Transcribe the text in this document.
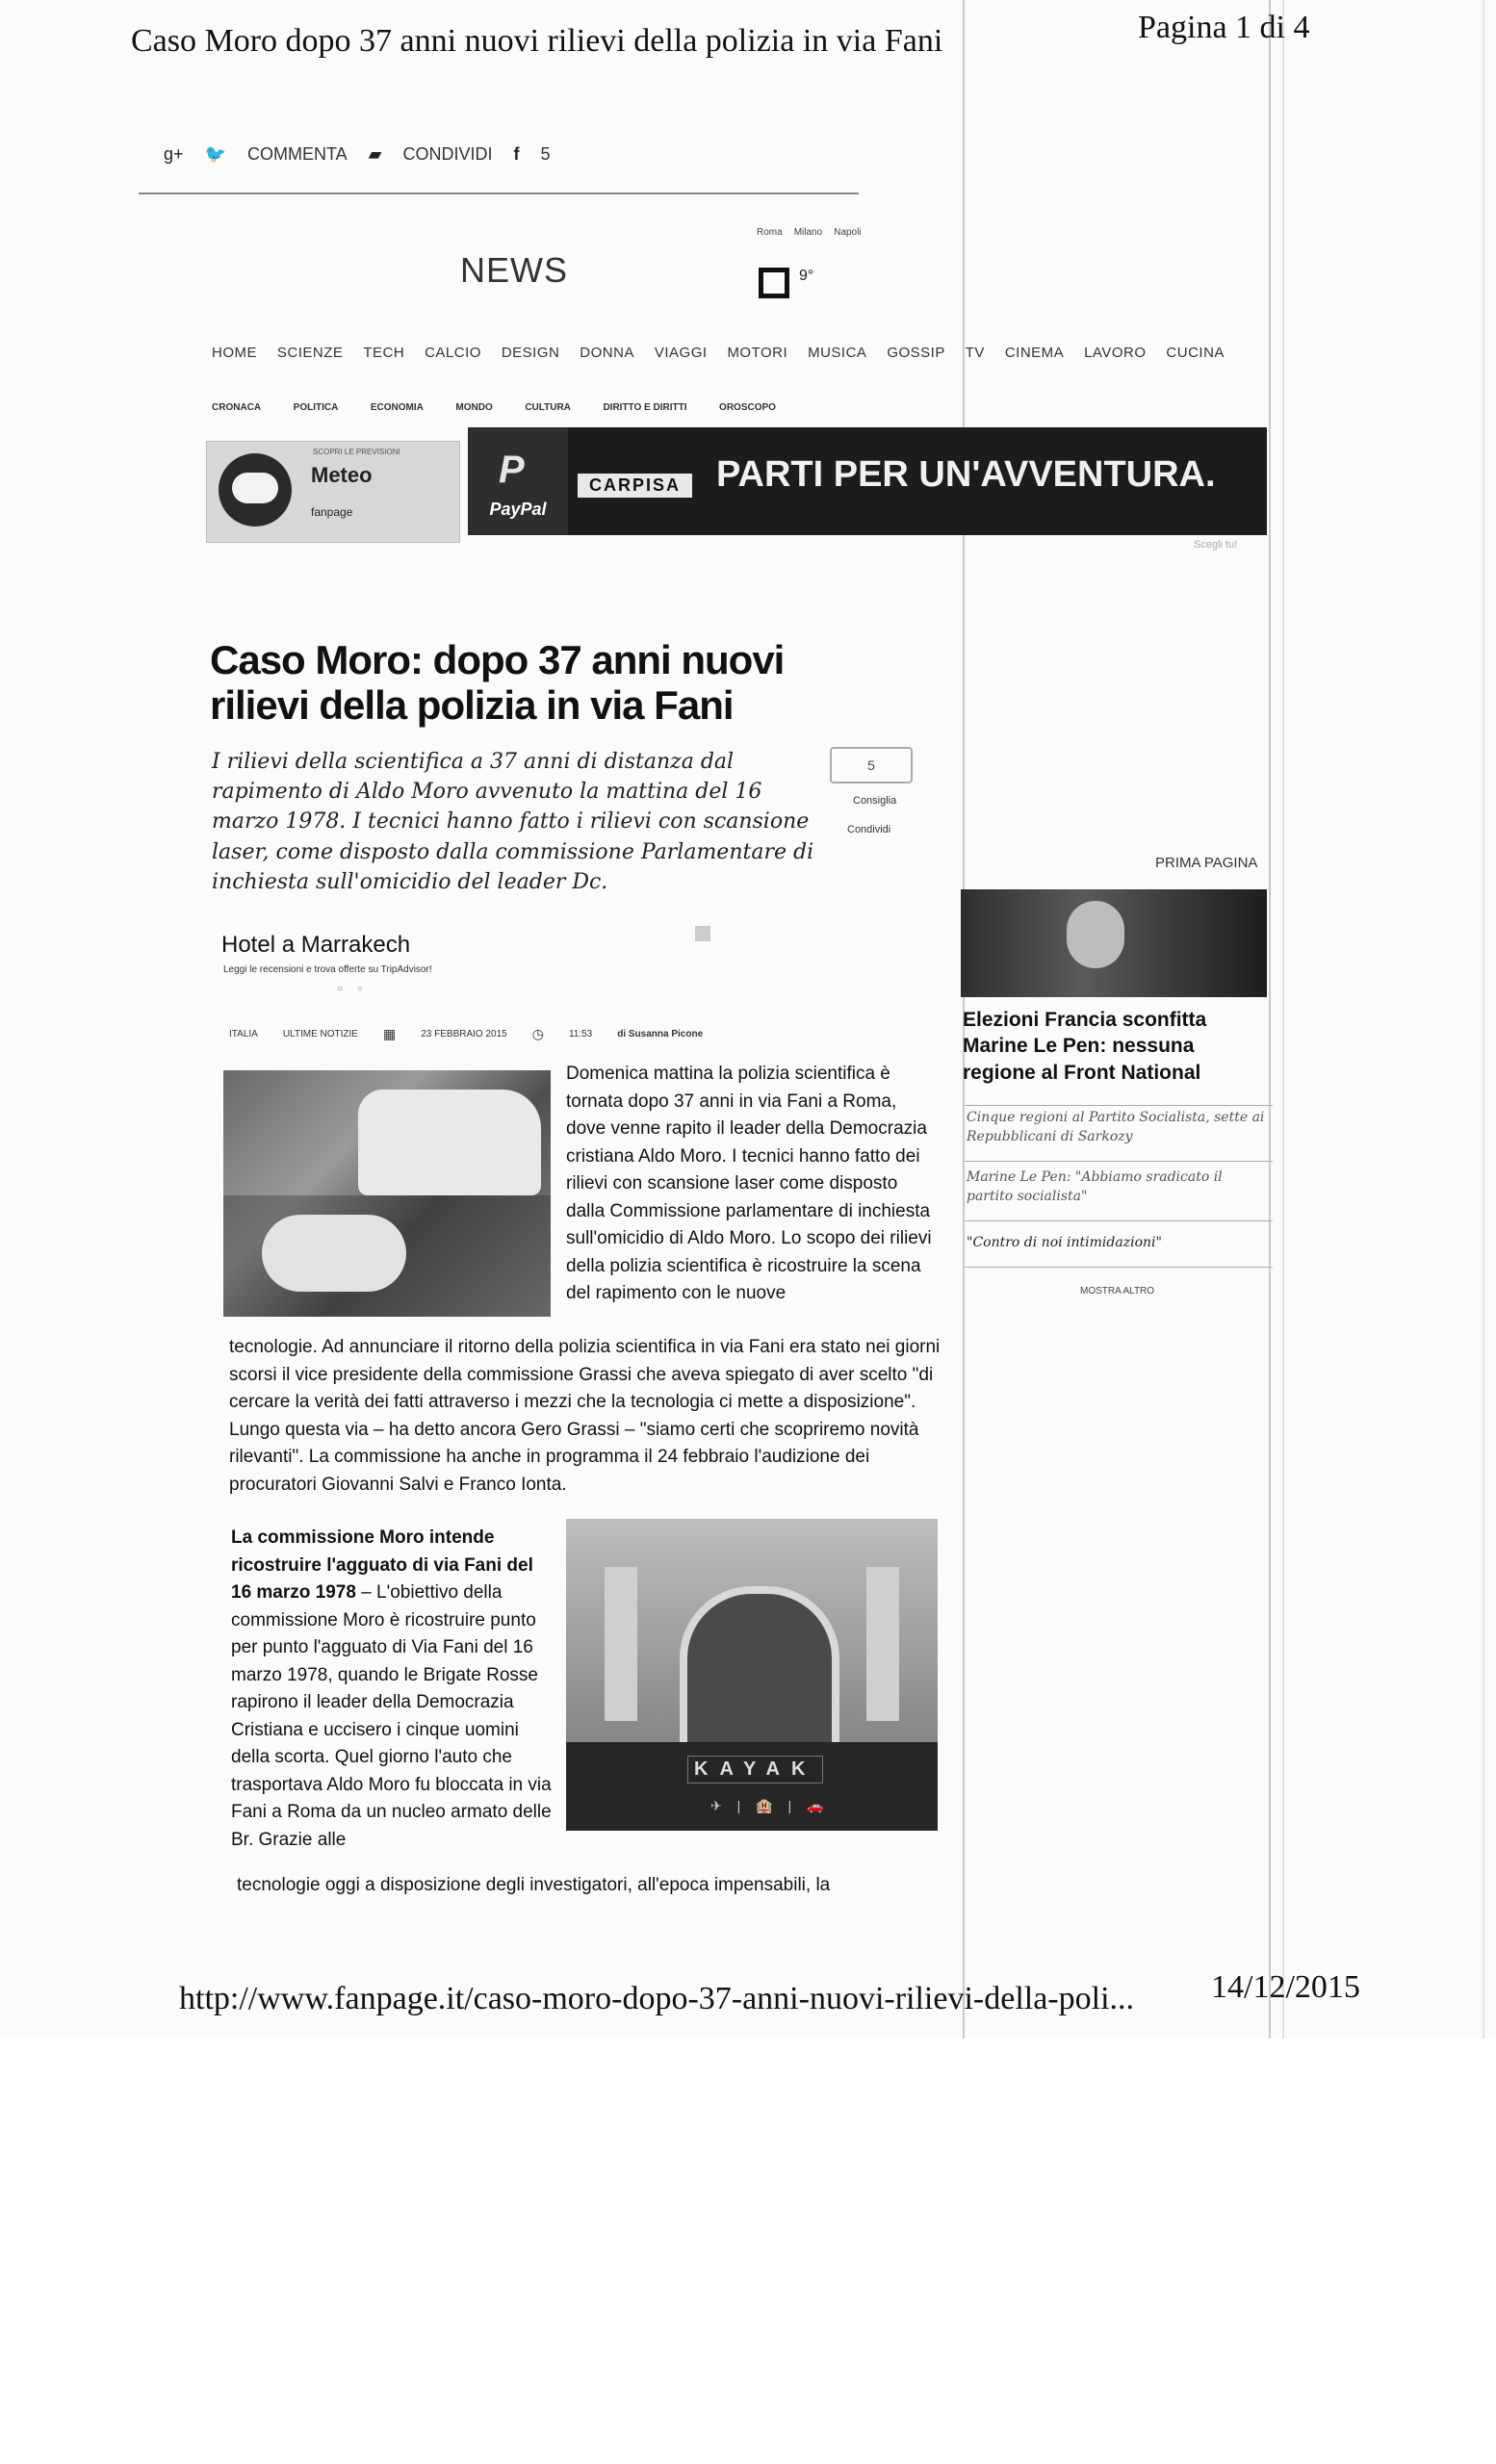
Caso Moro dopo 37 anni nuovi rilievi della polizia in via Fani	Pagina 1 di 4
http://www.fanpage.it/caso-moro-dopo-37-anni-nuovi-rilievi-della-poli... 14/12/2015
g+ 🐦 COMMENTA ▰ CONDIVIDI f 5
Roma Milano Napoli
NEWS	9°
HOME SCIENZE TECH CALCIO DESIGN DONNA VIAGGI MOTORI MUSICA GOSSIP TV CINEMA LAVORO CUCINA
CRONACA	POLITICA	ECONOMIA	MONDO	CULTURA	DIRITTO E DIRITTI	OROSCOPO
SCOPRI LE PREVISIONI
Meteo
fanpage	PayPal
P	CARPISA PARTI PER UN'AVVENTURA.
Scegli tu!
Caso Moro: dopo 37 anni nuovi rilievi della polizia in via Fani

I rilievi della scientifica a 37 anni di distanza dal rapimento di Aldo Moro avvenuto la mattina del 16 marzo 1978. I tecnici hanno fatto i rilievi con scansione laser, come disposto dalla commissione Parlamentare di inchiesta sull'omicidio del leader Dc.

5
Consiglia
Condividi
Hotel a Marrakech
Leggi le recensioni e trova offerte su TripAdvisor!
○ ○
ITALIA	ULTIME NOTIZIE ▦	23 FEBBRAIO 2015 ◷	11:53	di Susanna Picone

Domenica mattina la polizia scientifica è tornata dopo 37 anni in via Fani a Roma, dove venne rapito il leader della Democrazia cristiana Aldo Moro. I tecnici hanno fatto dei rilievi con scansione laser come disposto dalla Commissione parlamentare di inchiesta sull'omicidio di Aldo Moro. Lo scopo dei rilievi della polizia scientifica è ricostruire la scena del rapimento con le nuove

tecnologie. Ad annunciare il ritorno della polizia scientifica in via Fani era stato nei giorni scorsi il vice presidente della commissione Grassi che aveva spiegato di aver scelto "di cercare la verità dei fatti attraverso i mezzi che la tecnologia ci mette a disposizione". Lungo questa via – ha detto ancora Gero Grassi – "siamo certi che scopriremo novità rilevanti". La commissione ha anche in programma il 24 febbraio l'audizione dei procuratori Giovanni Salvi e Franco Ionta.

La commissione Moro intende ricostruire l'agguato di via Fani del 16 marzo 1978 – L'obiettivo della commissione Moro è ricostruire punto per punto l'agguato di Via Fani del 16 marzo 1978, quando le Brigate Rosse rapirono il leader della Democrazia Cristiana e uccisero i cinque uomini della scorta. Quel giorno l'auto che trasportava Aldo Moro fu bloccata in via Fani a Roma da un nucleo armato delle Br. Grazie alle

tecnologie oggi a disposizione degli investigatori, all'epoca impensabili, la

KAYAK
✈ | 🏨 | 🚗
PRIMA PAGINA

Elezioni Francia sconfitta Marine Le Pen: nessuna regione al Front National

Cinque regioni al Partito Socialista, sette ai Repubblicani di Sarkozy

Marine Le Pen: "Abbiamo sradicato il partito socialista"

"Contro di noi intimidazioni"

MOSTRA ALTRO
